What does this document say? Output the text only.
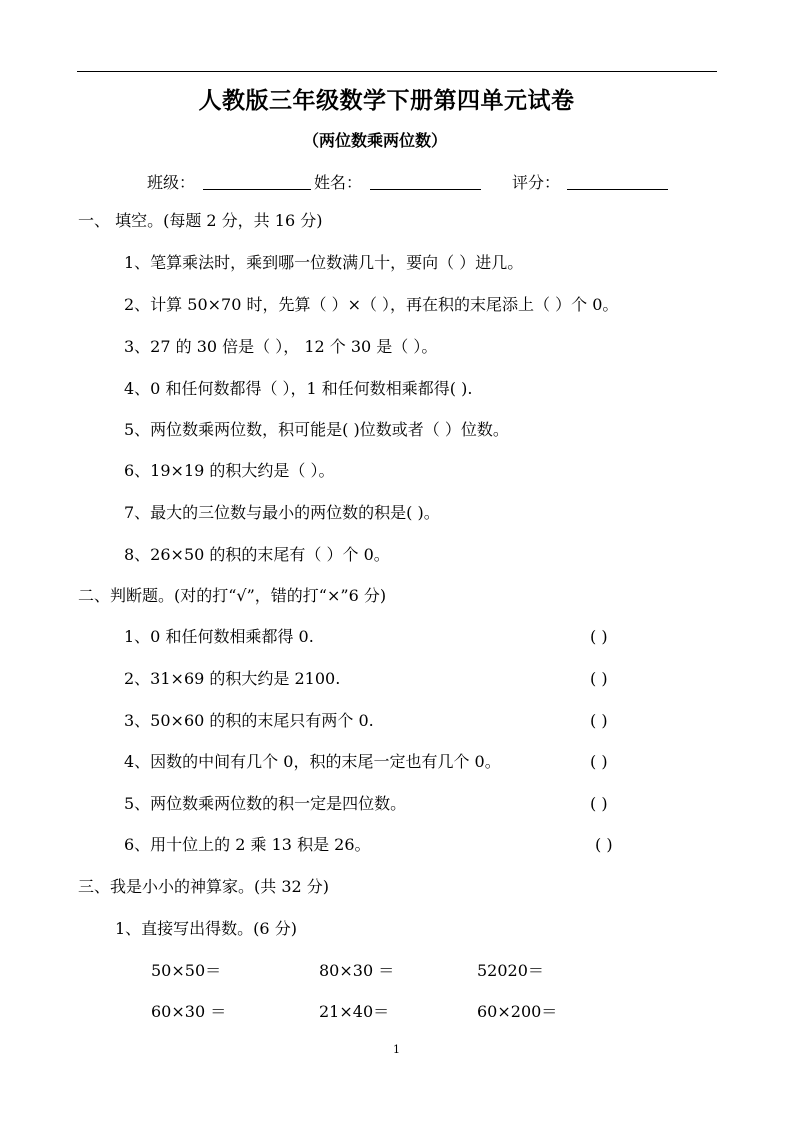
人教版三年级数学下册第四单元试卷
（两位数乘两位数）
班级：	姓名：	评分：
一、 填空。(每题 2 分，共 16 分)
1、笔算乘法时，乘到哪一位数满几十，要向（ ）进几。
2、计算 50×70 时，先算（ ）×（ ），再在积的末尾添上（ ）个 0。
3、27 的 30 倍是（ ）， 12 个 30 是（ ）。
4、0 和任何数都得（ ），1 和任何数相乘都得( ).
5、两位数乘两位数，积可能是( )位数或者（ ）位数。
6、19×19 的积大约是（ ）。
7、最大的三位数与最小的两位数的积是( )。
8、26×50 的积的末尾有（ ）个 0。
二、判断题。(对的打“√”，错的打“×”6 分)
1、0 和任何数相乘都得 0.	( )
2、31×69 的积大约是 2100.	( )
3、50×60 的积的末尾只有两个 0.	( )
4、因数的中间有几个 0，积的末尾一定也有几个 0。	( )
5、两位数乘两位数的积一定是四位数。	( )
6、用十位上的 2 乘 13 积是 26。	( )
三、我是小小的神算家。(共 32 分)
1、直接写出得数。(6 分)
50×50＝	80×30 ＝	52020＝
60×30 ＝	21×40＝	60×200＝
1
